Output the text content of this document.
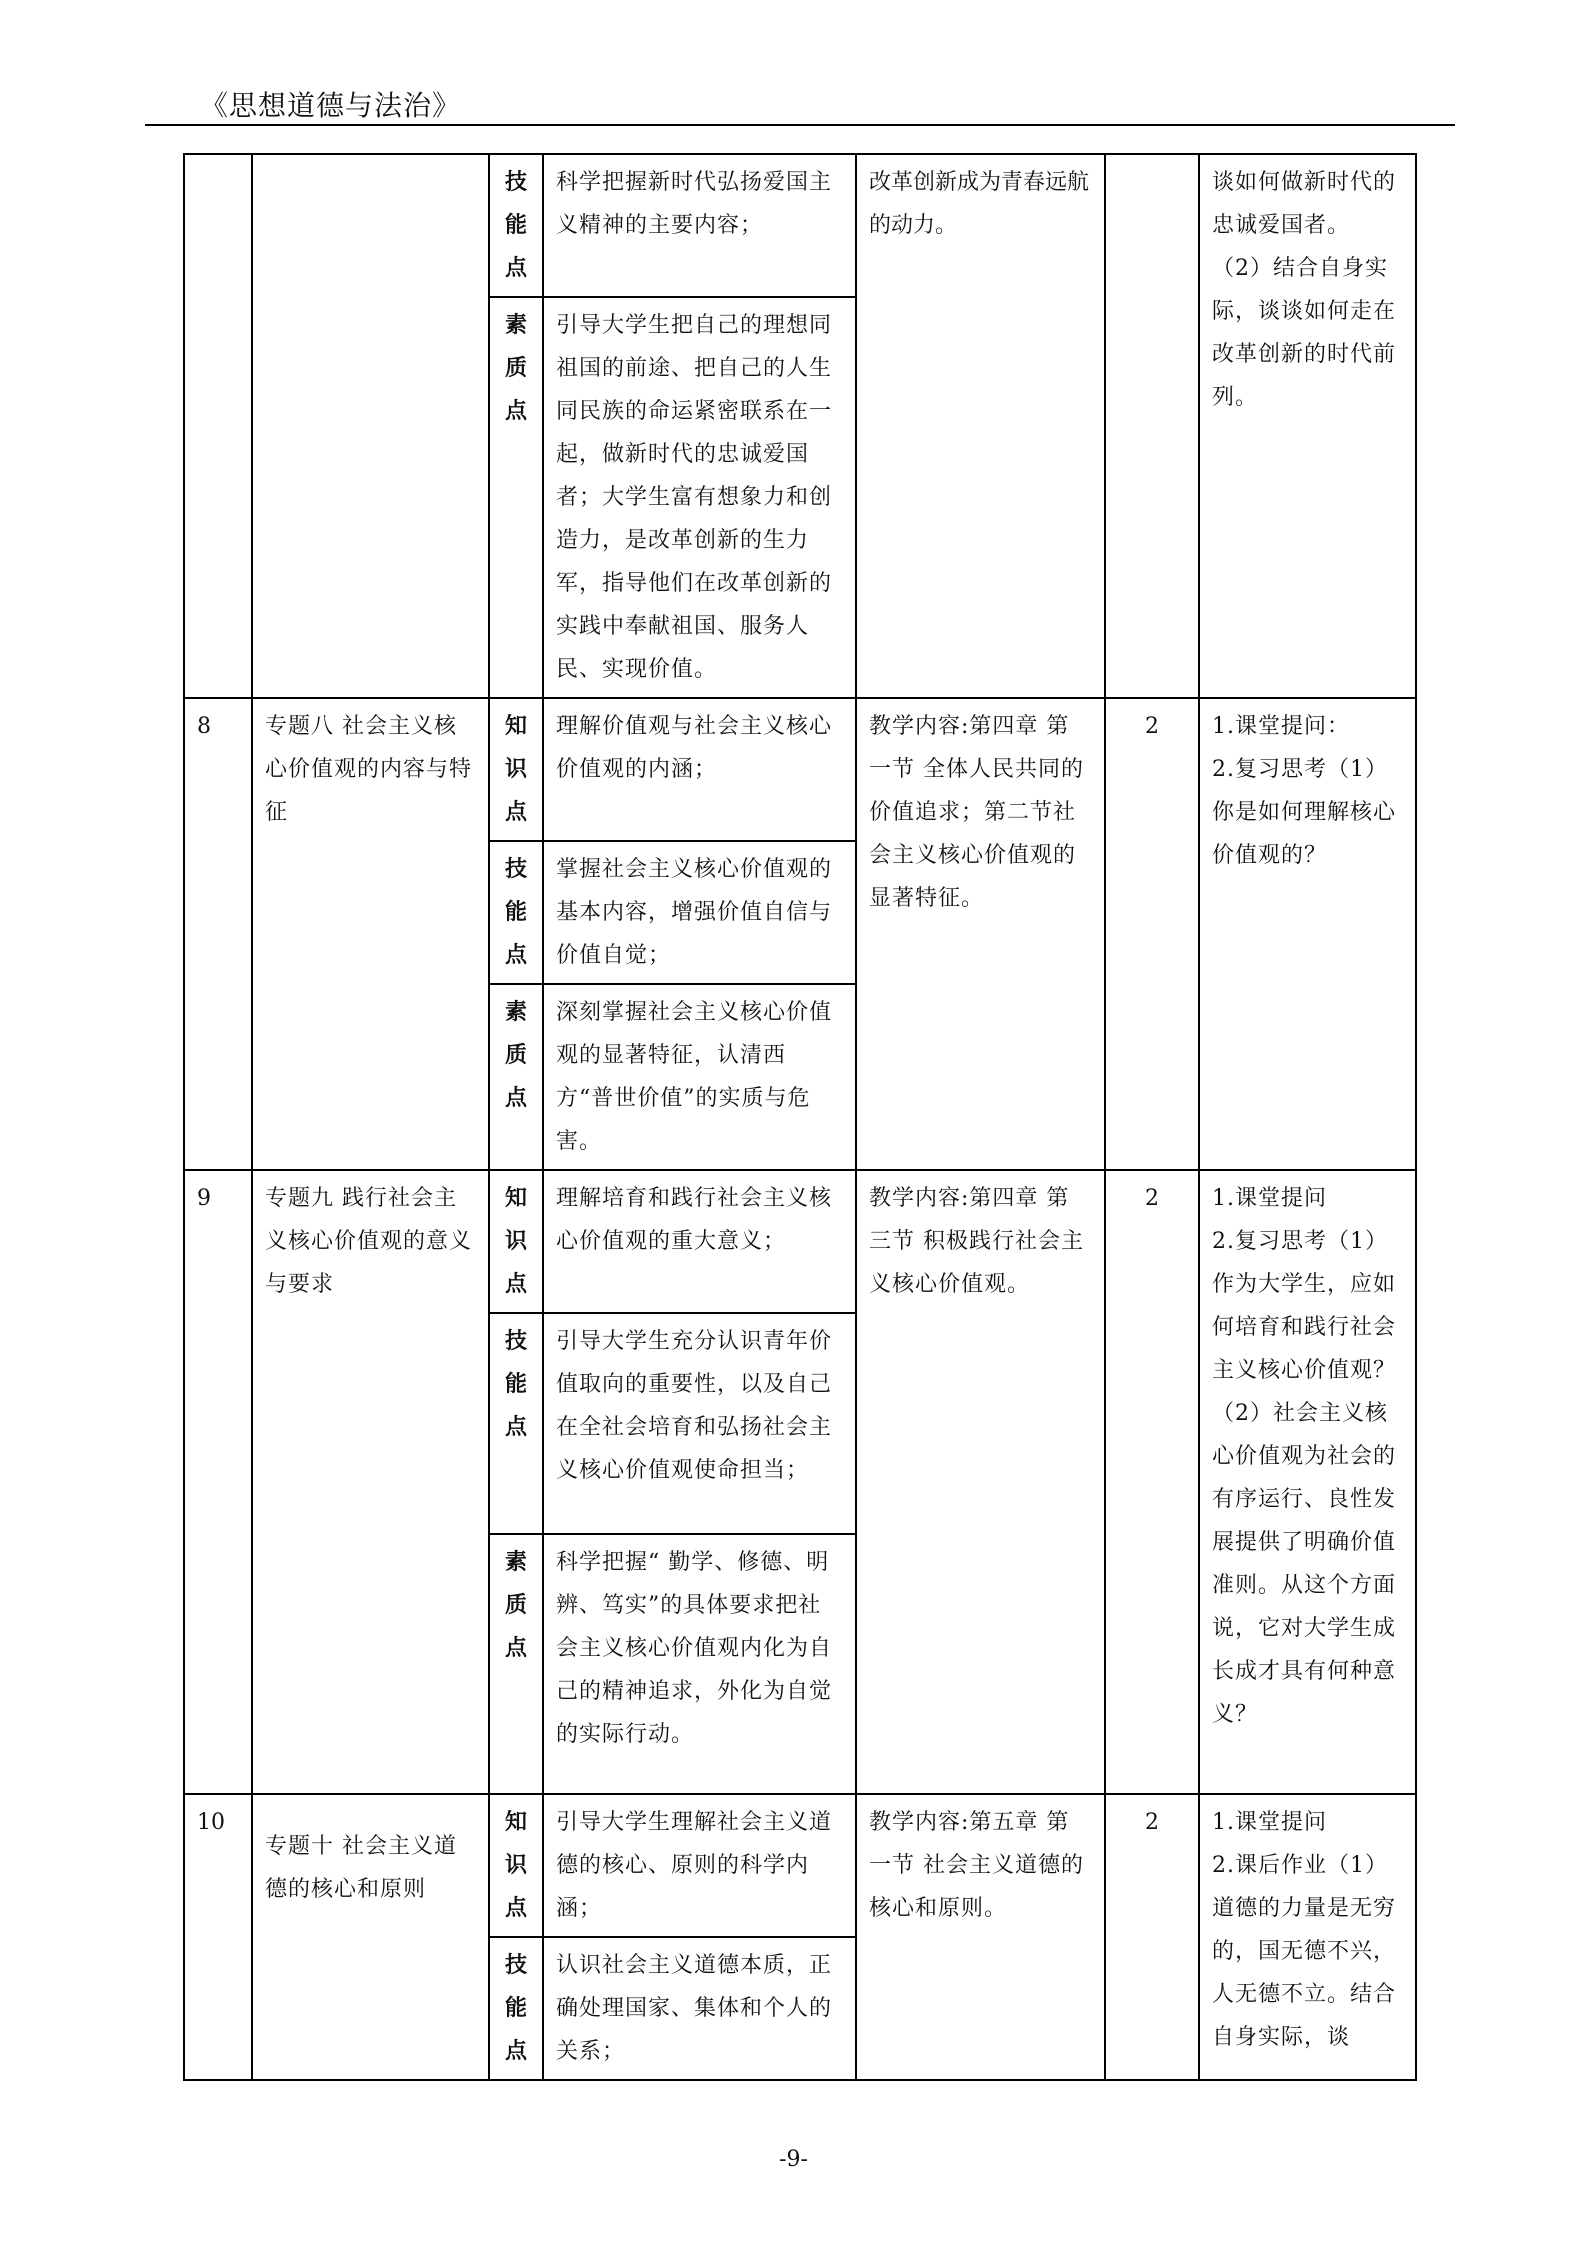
《思想道德与法治》

		技
能
点	科学把握新时代弘扬爱国主义精神的主要内容；	改革创新成为青春远航的动力。		谈如何做新时代的忠诚爱国者。
（2）结合自身实际，谈谈如何走在改革创新的时代前列。

		素
质
点	引导大学生把自己的理想同祖国的前途、把自己的人生同民族的命运紧密联系在一起，做新时代的忠诚爱国者；大学生富有想象力和创造力，是改革创新的生力军，指导他们在改革创新的实践中奉献祖国、服务人民、实现价值。			
8	专题八 社会主义核心价值观的内容与特征	知
识
点	理解价值观与社会主义核心价值观的内涵；	教学内容:第四章 第一节 全体人民共同的价值追求；第二节社会主义核心价值观的显著特征。	2	1.课堂提问：
2.复习思考（1）你是如何理解核心价值观的？

		技
能
点	掌握社会主义核心价值观的基本内容，增强价值自信与价值自觉；			

		素
质
点	深刻掌握社会主义核心价值观的显著特征，认清西方“普世价值”的实质与危害。			
9	专题九 践行社会主义核心价值观的意义与要求	知
识
点	理解培育和践行社会主义核心价值观的重大意义；	教学内容:第四章 第三节 积极践行社会主义核心价值观。	2	1.课堂提问
2.复习思考（1）作为大学生，应如何培育和践行社会主义核心价值观？（2）社会主义核心价值观为社会的有序运行、良性发展提供了明确价值准则。从这个方面说，它对大学生成长成才具有何种意义？

		技
能
点	引导大学生充分认识青年价值取向的重要性，以及自己在全社会培育和弘扬社会主义核心价值观使命担当；			

		素
质
点	科学把握“ 勤学、修德、明辨、笃实”的具体要求把社会主义核心价值观内化为自己的精神追求，外化为自觉的实际行动。			
10	专题十 社会主义道德的核心和原则	知
识
点	引导大学生理解社会主义道德的核心、原则的科学内涵；	教学内容:第五章 第一节 社会主义道德的核心和原则。	2	1.课堂提问
2.课后作业（1）道德的力量是无穷的，国无德不兴，人无德不立。结合自身实际，谈

		技
能
点	认识社会主义道德本质，正确处理国家、集体和个人的关系；			
-9-
